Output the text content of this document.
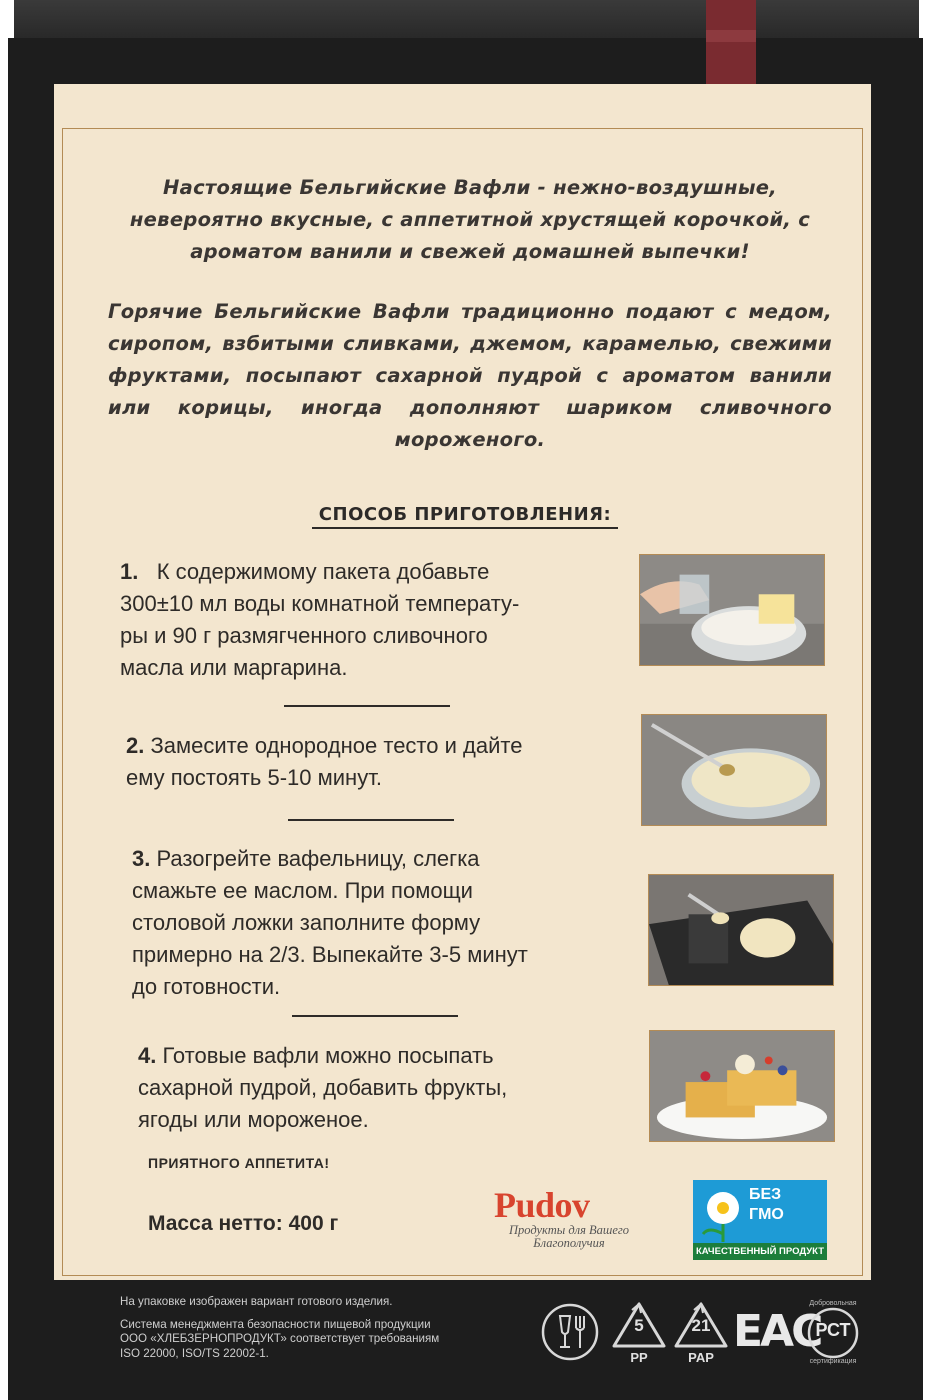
Настоящие Бельгийские Вафли - нежно-воздушные, невероятно вкусные, с аппетитной хрустящей корочкой, с ароматом ванили и свежей домашней выпечки!
Горячие Бельгийские Вафли традиционно подают с медом, сиропом, взбитыми сливками, джемом, карамелью, свежими фруктами, посыпают сахарной пудрой с ароматом ванили или корицы, иногда дополняют шариком сливочного мороженого.
СПОСОБ ПРИГОТОВЛЕНИЯ:
1. К содержимому пакета добавьте
300±10 мл воды комнатной температу-
ры и 90 г размягченного сливочного
масла или маргарина.
2. Замесите однородное тесто и дайте
ему постоять 5-10 минут.
3. Разогрейте вафельницу, слегка
смажьте ее маслом. При помощи
столовой ложки заполните форму
примерно на 2/3. Выпекайте 3-5 минут
до готовности.
4. Готовые вафли можно посыпать
сахарной пудрой, добавить фрукты,
ягоды или мороженое.
ПРИЯТНОГО АППЕТИТА!
Масса нетто: 400 г	Pudov
Продукты для Вашего
Благополучия
БЕЗ
ГМО
КАЧЕСТВЕННЫЙ ПРОДУКТ
На упаковке изображен вариант готового изделия.
Система менеджмента безопасности пищевой продукции
ООО «ХЛЕБЗЕРНОПРОДУКТ» соответствует требованиям
ISO 22000, ISO/TS 22002-1.
5
PP
21
PAP
EAC
РСТ
Добровольная
сертификация
